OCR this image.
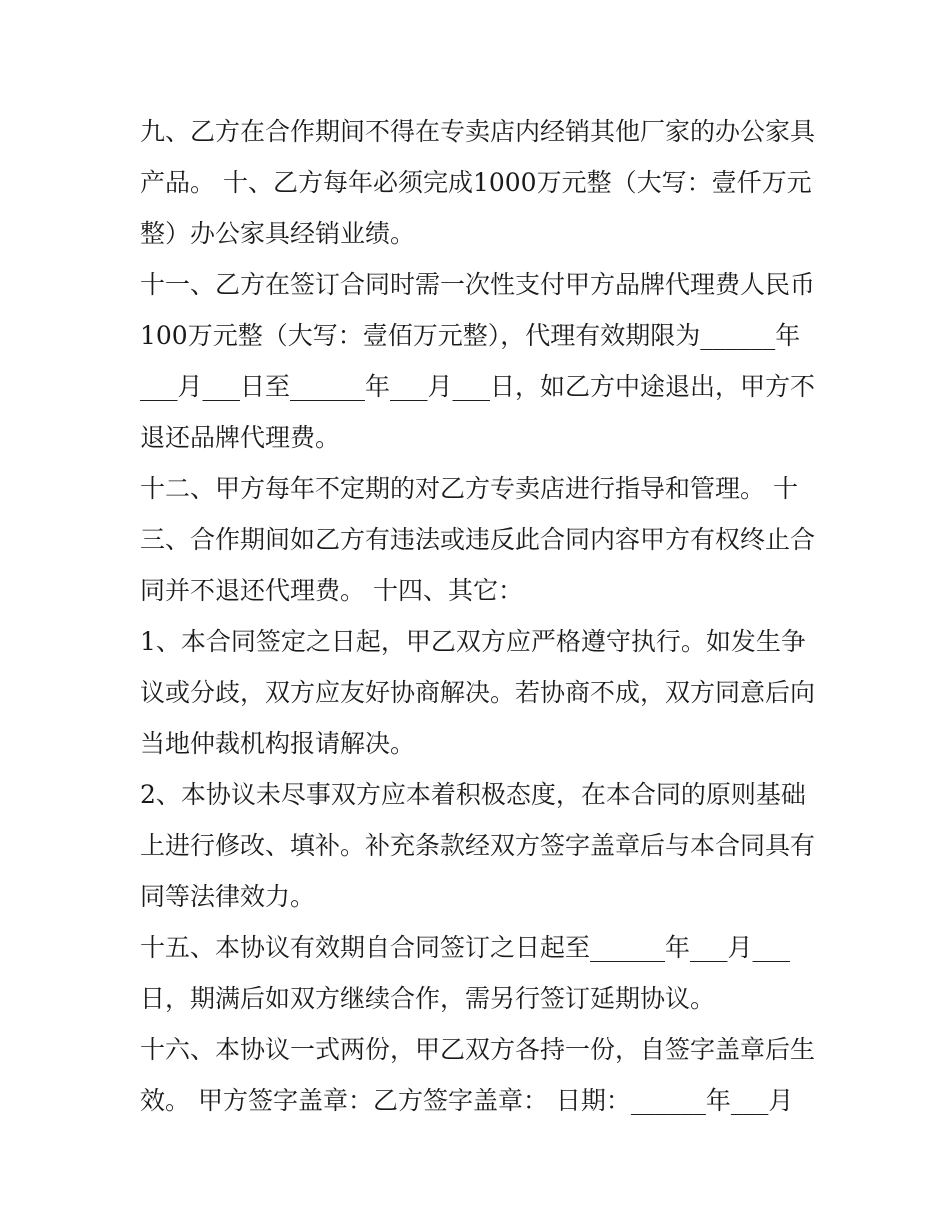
九、乙方在合作期间不得在专卖店内经销其他厂家的办公家具
产品。 十、乙方每年必须完成1000万元整（大写：壹仟万元
整）办公家具经销业绩。
十一、乙方在签订合同时需一次性支付甲方品牌代理费人民币
100万元整（大写：壹佰万元整），代理有效期限为______年
___月___日至______年___月___日，如乙方中途退出，甲方不
退还品牌代理费。
十二、甲方每年不定期的对乙方专卖店进行指导和管理。 十
三、合作期间如乙方有违法或违反此合同内容甲方有权终止合
同并不退还代理费。 十四、其它：
1、本合同签定之日起，甲乙双方应严格遵守执行。如发生争
议或分歧，双方应友好协商解决。若协商不成，双方同意后向
当地仲裁机构报请解决。
2、本协议未尽事双方应本着积极态度，在本合同的原则基础
上进行修改、填补。补充条款经双方签字盖章后与本合同具有
同等法律效力。
十五、本协议有效期自合同签订之日起至______年___月___
日，期满后如双方继续合作，需另行签订延期协议。
十六、本协议一式两份，甲乙双方各持一份，自签字盖章后生
效。 甲方签字盖章：乙方签字盖章： 日期：______年___月
